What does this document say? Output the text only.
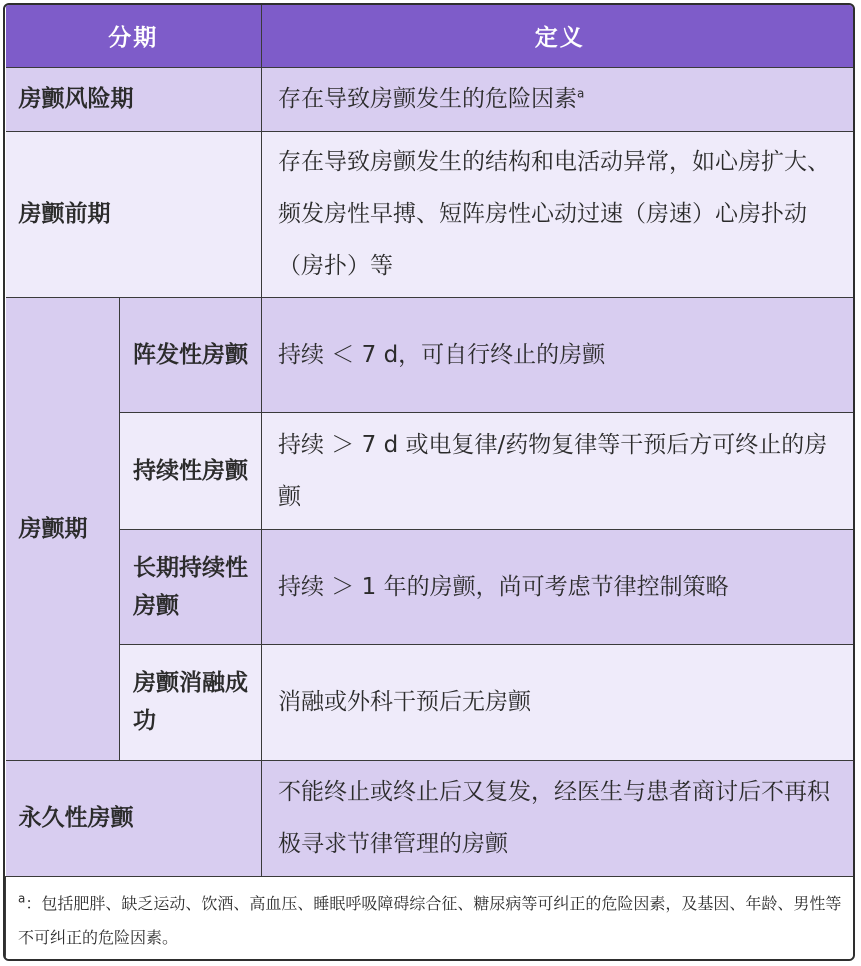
分期		定义
房颤风险期		存在导致房颤发生的危险因素$^a$
房颤前期		存在导致房颤发生的结构和电活动异常，如心房扩大、频发房性早搏、短阵房性心动过速（房速）心房扑动（房扑）等
房颤期	阵发性房颤	持续 ＜ 7 d，可自行终止的房颤
	持续性房颤	持续 ＞ 7 d 或电复律/药物复律等干预后方可终止的房颤
	长期持续性房颤	持续 ＞ 1 年的房颤，尚可考虑节律控制策略
	房颤消融成功	消融或外科干预后无房颤
永久性房颤		不能终止或终止后又复发，经医生与患者商讨后不再积极寻求节律管理的房颤
$^a$：包括肥胖、缺乏运动、饮酒、高血压、睡眠呼吸障碍综合征、糖尿病等可纠正的危险因素，及基因、年龄、男性等不可纠正的危险因素。		
